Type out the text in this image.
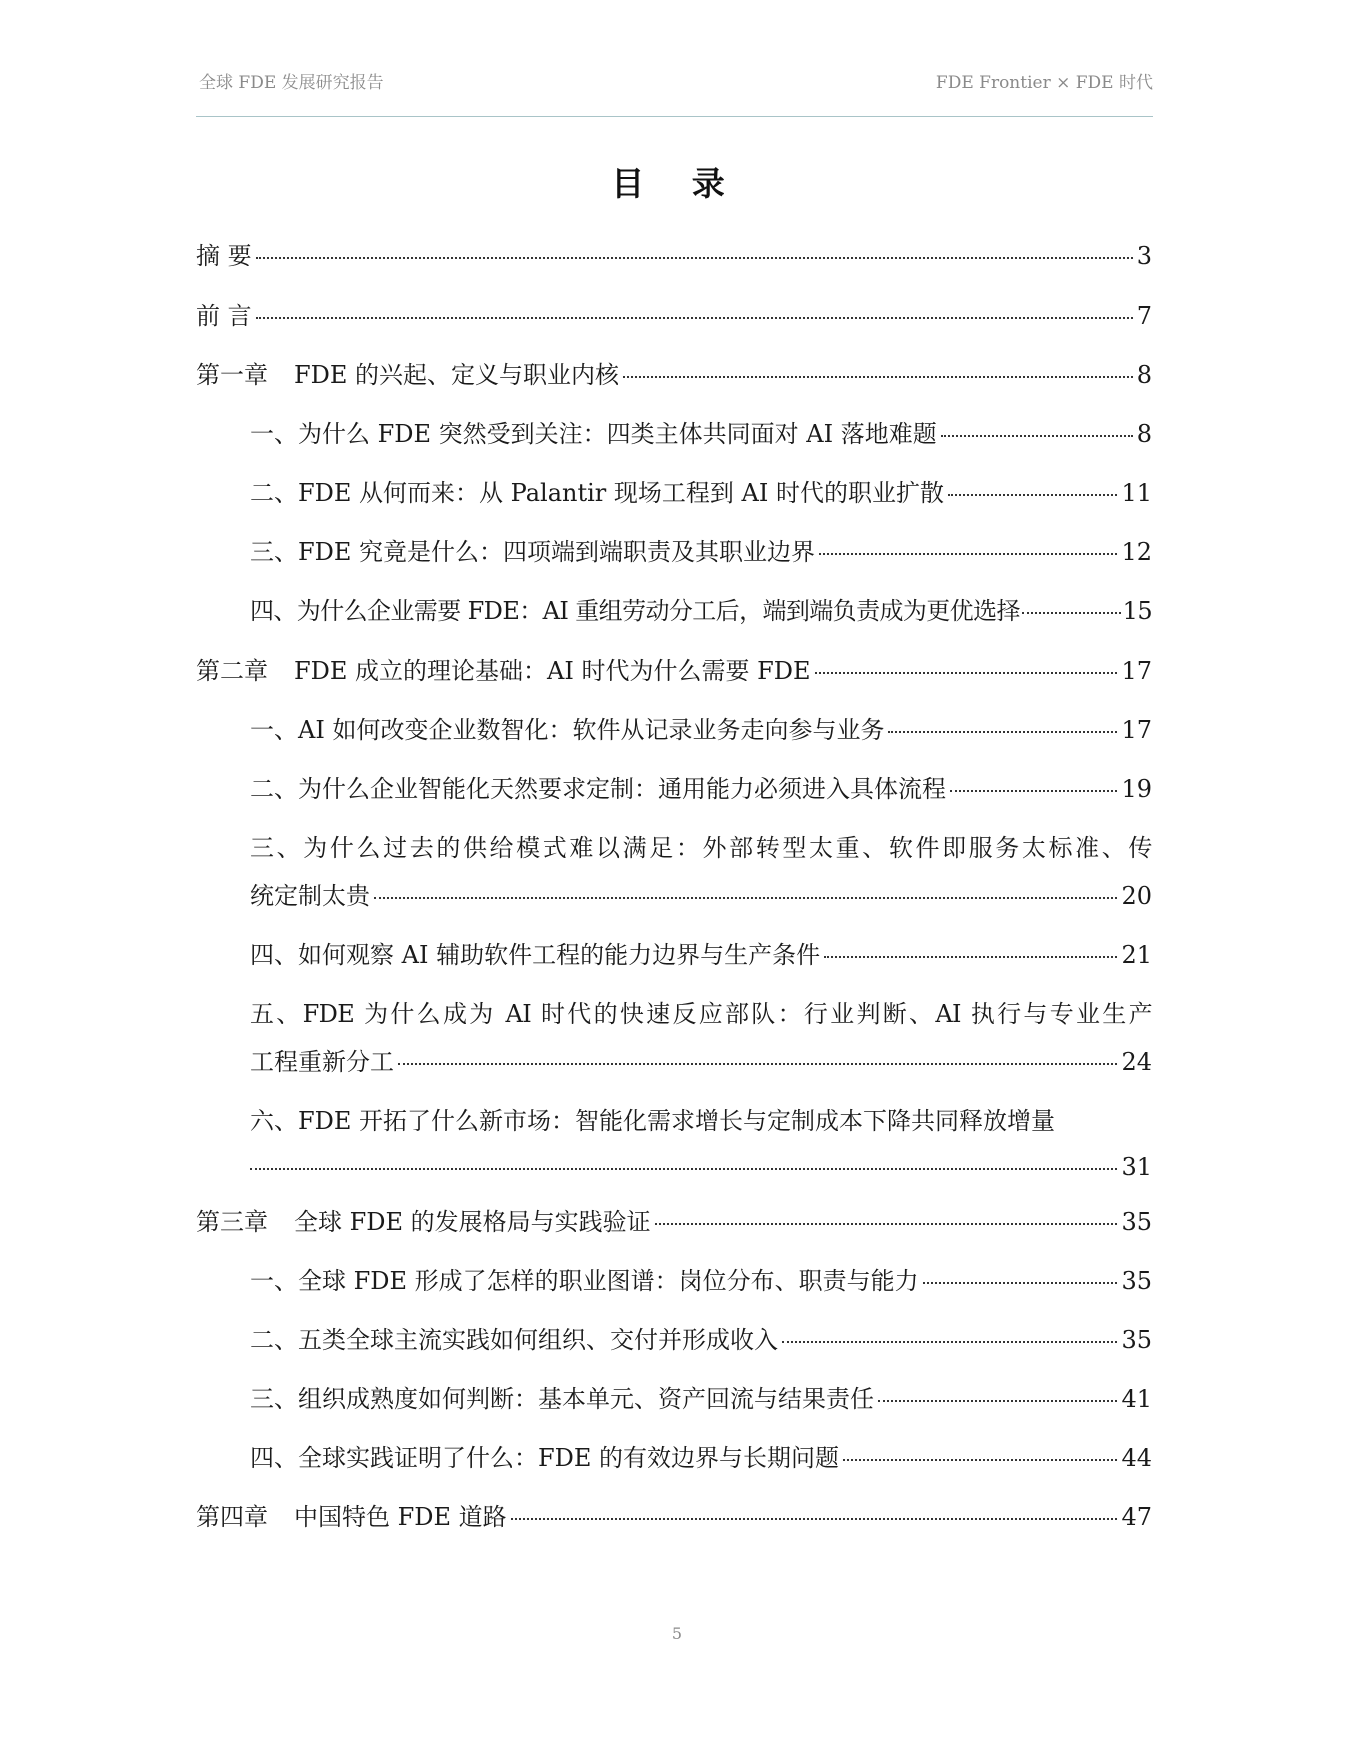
全球 FDE 发展研究报告	FDE Frontier × FDE 时代
目 录
摘 要	3
前 言	7
第一章 FDE 的兴起、定义与职业内核	8
一、为什么 FDE 突然受到关注：四类主体共同面对 AI 落地难题	8
二、FDE 从何而来：从 Palantir 现场工程到 AI 时代的职业扩散	11
三、FDE 究竟是什么：四项端到端职责及其职业边界	12
四、为什么企业需要 FDE：AI 重组劳动分工后，端到端负责成为更优选择	15
第二章 FDE 成立的理论基础：AI 时代为什么需要 FDE	17
一、AI 如何改变企业数智化：软件从记录业务走向参与业务	17
二、为什么企业智能化天然要求定制：通用能力必须进入具体流程	19
三、为什么过去的供给模式难以满足：外部转型太重、软件即服务太标准、传
统定制太贵	20
四、如何观察 AI 辅助软件工程的能力边界与生产条件	21
五、FDE 为什么成为 AI 时代的快速反应部队：行业判断、AI 执行与专业生产
工程重新分工	24
六、FDE 开拓了什么新市场：智能化需求增长与定制成本下降共同释放增量
31
第三章 全球 FDE 的发展格局与实践验证	35
一、全球 FDE 形成了怎样的职业图谱：岗位分布、职责与能力	35
二、五类全球主流实践如何组织、交付并形成收入	35
三、组织成熟度如何判断：基本单元、资产回流与结果责任	41
四、全球实践证明了什么：FDE 的有效边界与长期问题	44
第四章 中国特色 FDE 道路	47
5
